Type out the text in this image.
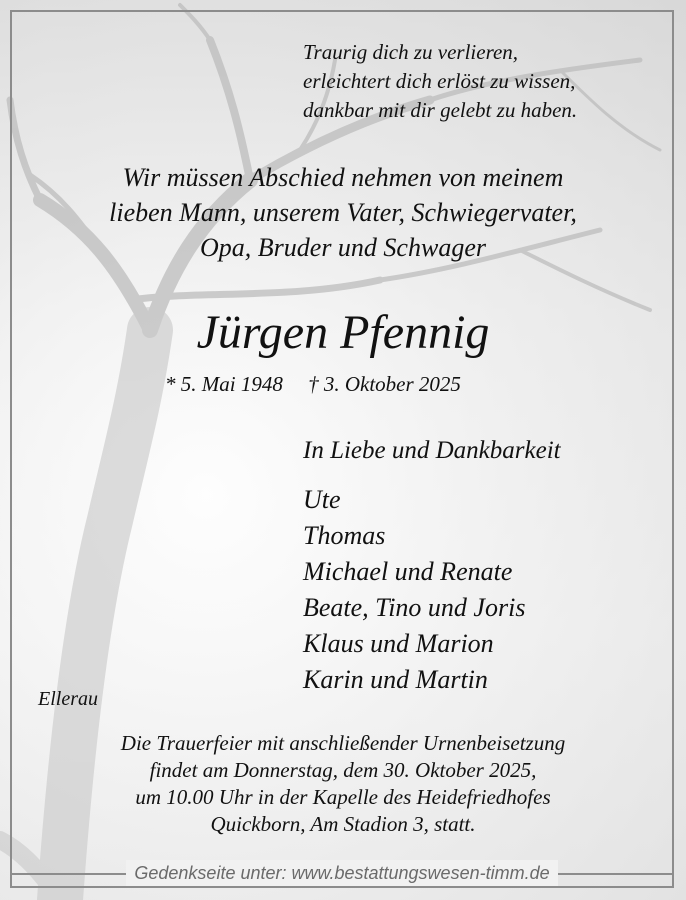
Traurig dich zu verlieren,
erleichtert dich erlöst zu wissen,
dankbar mit dir gelebt zu haben.
Wir müssen Abschied nehmen von meinem
lieben Mann, unserem Vater, Schwiegervater,
Opa, Bruder und Schwager
Jürgen Pfennig
* 5. Mai 1948 † 3. Oktober 2025
In Liebe und Dankbarkeit
Ute
Thomas
Michael und Renate
Beate, Tino und Joris
Klaus und Marion
Karin und Martin
Ellerau
Die Trauerfeier mit anschließender Urnenbeisetzung
findet am Donnerstag, dem 30. Oktober 2025,
um 10.00 Uhr in der Kapelle des Heidefriedhofes
Quickborn, Am Stadion 3, statt.
Gedenkseite unter: www.bestattungswesen-timm.de
